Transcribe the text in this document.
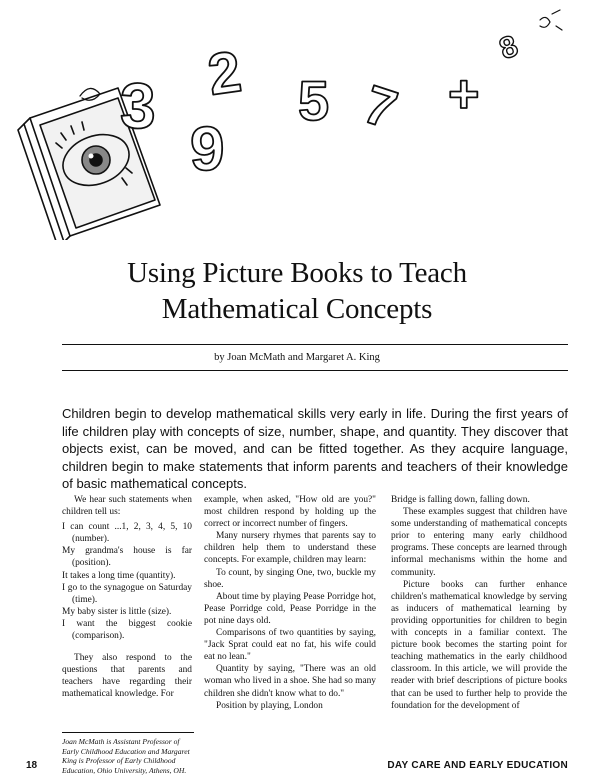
3
9
2 5 7 +
8
Using Picture Books to Teach
Mathematical Concepts
by Joan McMath and Margaret A. King
Children begin to develop mathematical skills very early in life. During the first years of life children play with concepts of size, number, shape, and quantity. They discover that objects exist, can be moved, and can be fitted together. As they acquire language, children begin to make statements that inform parents and teachers of their knowledge of basic mathematical concepts.

We hear such statements when children tell us:

I can count ...1, 2, 3, 4, 5, 10 (number).

My grandma's house is far (position).

It takes a long time (quantity).

I go to the synagogue on Saturday (time).

My baby sister is little (size).

I want the biggest cookie (comparison).

They also respond to the questions that parents and teachers have regarding their mathematical knowledge. For

example, when asked, "How old are you?" most children respond by holding up the correct or incorrect number of fingers.

Many nursery rhymes that parents say to children help them to understand these concepts. For example, children may learn:

To count, by singing One, two, buckle my shoe.

About time by playing Pease Porridge hot, Pease Porridge cold, Pease Porridge in the pot nine days old.

Comparisons of two quantities by saying, "Jack Sprat could eat no fat, his wife could eat no lean."

Quantity by saying, "There was an old woman who lived in a shoe. She had so many children she didn't know what to do."

Position by playing, London

Bridge is falling down, falling down.

These examples suggest that children have some understanding of mathematical concepts prior to entering many early childhood programs. These concepts are learned through informal mechanisms within the home and community.

Picture books can further enhance children's mathematical knowledge by serving as inducers of mathematical learning by providing opportunities for children to begin with concepts in a familiar context. The picture book becomes the starting point for teaching mathematics in the early childhood classroom. In this article, we will provide the reader with brief descriptions of picture books that can be used to further help to provide the foundation for the development of

Joan McMath is Assistant Professor of Early Childhood Education and Margaret King is Professor of Early Childhood Education, Ohio University, Athens, OH.
18	DAY CARE AND EARLY EDUCATION
